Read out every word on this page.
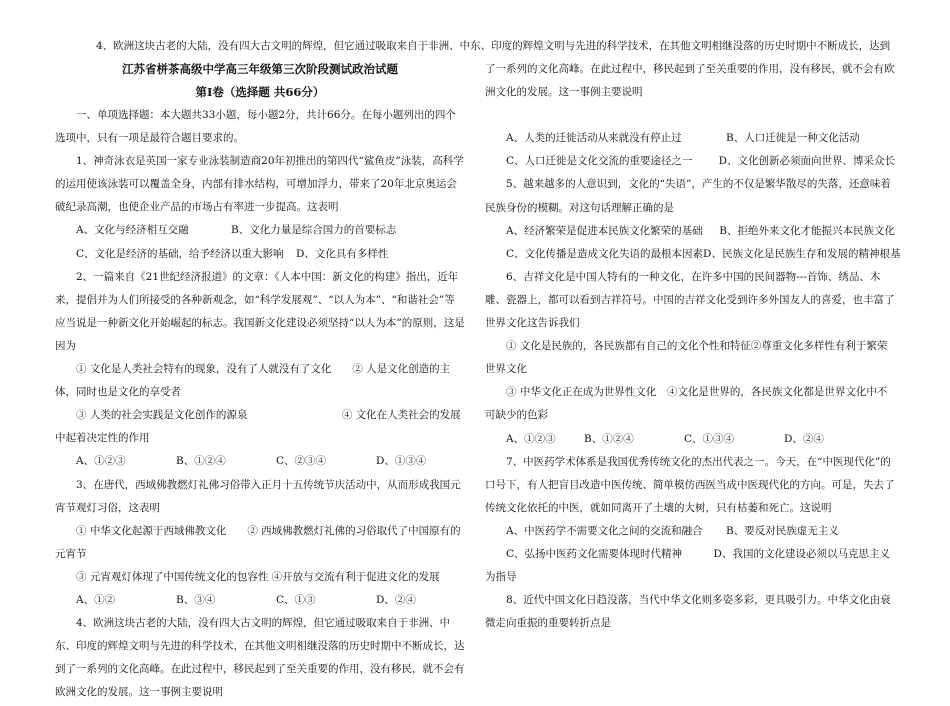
江苏省栟茶高级中学高三年级第三次阶段测试政治试题

第Ⅰ卷（选择题 共66分）

一、单项选择题：本大题共33小题，每小题2分，共计66分。在每小题列出的四个选项中，只有一项是最符合题目要求的。

1、神奇泳衣是英国一家专业泳装制造商20年初推出的第四代“鲨鱼皮”泳装，高科学的运用使该泳装可以覆盖全身，内部有排水结构，可增加浮力，带来了20年北京奥运会破纪录高潮，也使企业产品的市场占有率进一步提高。这表明

A、文化与经济相互交融	B、文化力量是综合国力的首要标志
C、文化是经济的基础，给予经济以重大影响	D、文化具有多样性

2、一篇来自《21世纪经济报道》的文章：《人本中国：新文化的构建》指出，近年来，提倡并为人们所接受的各种新观念，如“科学发展观”、“以人为本”、“和谐社会”等应当说是一种新文化开始崛起的标志。我国新文化建设必须坚持“以人为本”的原则，这是因为

① 文化是人类社会特有的现象，没有了人就没有了文化　　② 人是文化创造的主体，同时也是文化的享受者

③ 人类的社会实践是文化创作的源泉　　　　　　　　　④ 文化在人类社会的发展中起着决定性的作用

A、①②③	B、①②④	C、②③④	D、①③④

3、在唐代，西域佛教燃灯礼佛习俗带入正月十五传统节庆活动中，从而形成我国元宵节观灯习俗，这表明

① 中华文化起源于西域佛教文化　　② 西域佛教燃灯礼佛的习俗取代了中国原有的元宵节

③ 元宵观灯体现了中国传统文化的包容性 ④开放与交流有利于促进文化的发展

A、①②	B、③④	C、①③	D、②④

4、欧洲这块古老的大陆，没有四大古文明的辉煌，但它通过吸取来自于非洲、中东、印度的辉煌文明与先进的科学技术，在其他文明相继没落的历史时期中不断成长，达到了一系列的文化高峰。在此过程中，移民起到了至关重要的作用，没有移民，就不会有欧洲文化的发展。这一事例主要说明

4、欧洲这块古老的大陆，没有四大古文明的辉煌，但它通过吸取来自于非洲、中东、印度的辉煌文明与先进的科学技术，在其他文明相继没落的历史时期中不断成长，达到了一系列的文化高峰。在此过程中，移民起到了至关重要的作用，没有移民，就不会有欧洲文化的发展。这一事例主要说明

A、人类的迁徙活动从来就没有停止过	B、人口迁徙是一种文化活动
C、人口迁徙是文化交流的重要途径之一	D、文化创新必须面向世界、博采众长

5、越来越多的人意识到，文化的“失语”，产生的不仅是繁华散尽的失落，还意味着民族身份的模糊。对这句话理解正确的是

A、经济繁荣是促进本民族文化繁荣的基础	B、拒绝外来文化才能振兴本民族文化
C、文化传播是造成文化失语的最根本因素 D、民族文化是民族生存和发展的精神根基

6、吉祥文化是中国人特有的一种文化，在许多中国的民间器物---首饰、绣品、木雕、瓷器上，都可以看到吉祥符号。中国的吉祥文化受到许多外国友人的喜爱，也丰富了世界文化这告诉我们

① 文化是民族的，各民族都有自己的文化个性和特征②尊重文化多样性有利于繁荣世界文化

③ 中华文化正在成为世界性文化　④文化是世界的，各民族文化都是世界文化中不可缺少的色彩

A、①②③	B、①②④	C、①③④	D、②④

7、中医药学术体系是我国优秀传统文化的杰出代表之一。今天，在“中医现代化”的口号下，有人把盲目改造中医传统、简单模仿西医当成中医现代化的方向。可是，失去了传统文化依托的中医，就如同离开了土壤的大树，只有枯萎和死亡。这说明

A、中医药学不需要文化之间的交流和融合	B、要反对民族虚无主义

C、弘扬中医药文化需要体现时代精神　　　	D、我国的文化建设必须以马克思主义为指导

8、近代中国文化日趋没落，当代中华文化则多姿多彩，更具吸引力。中华文化由衰微走向重振的重要转折点是
